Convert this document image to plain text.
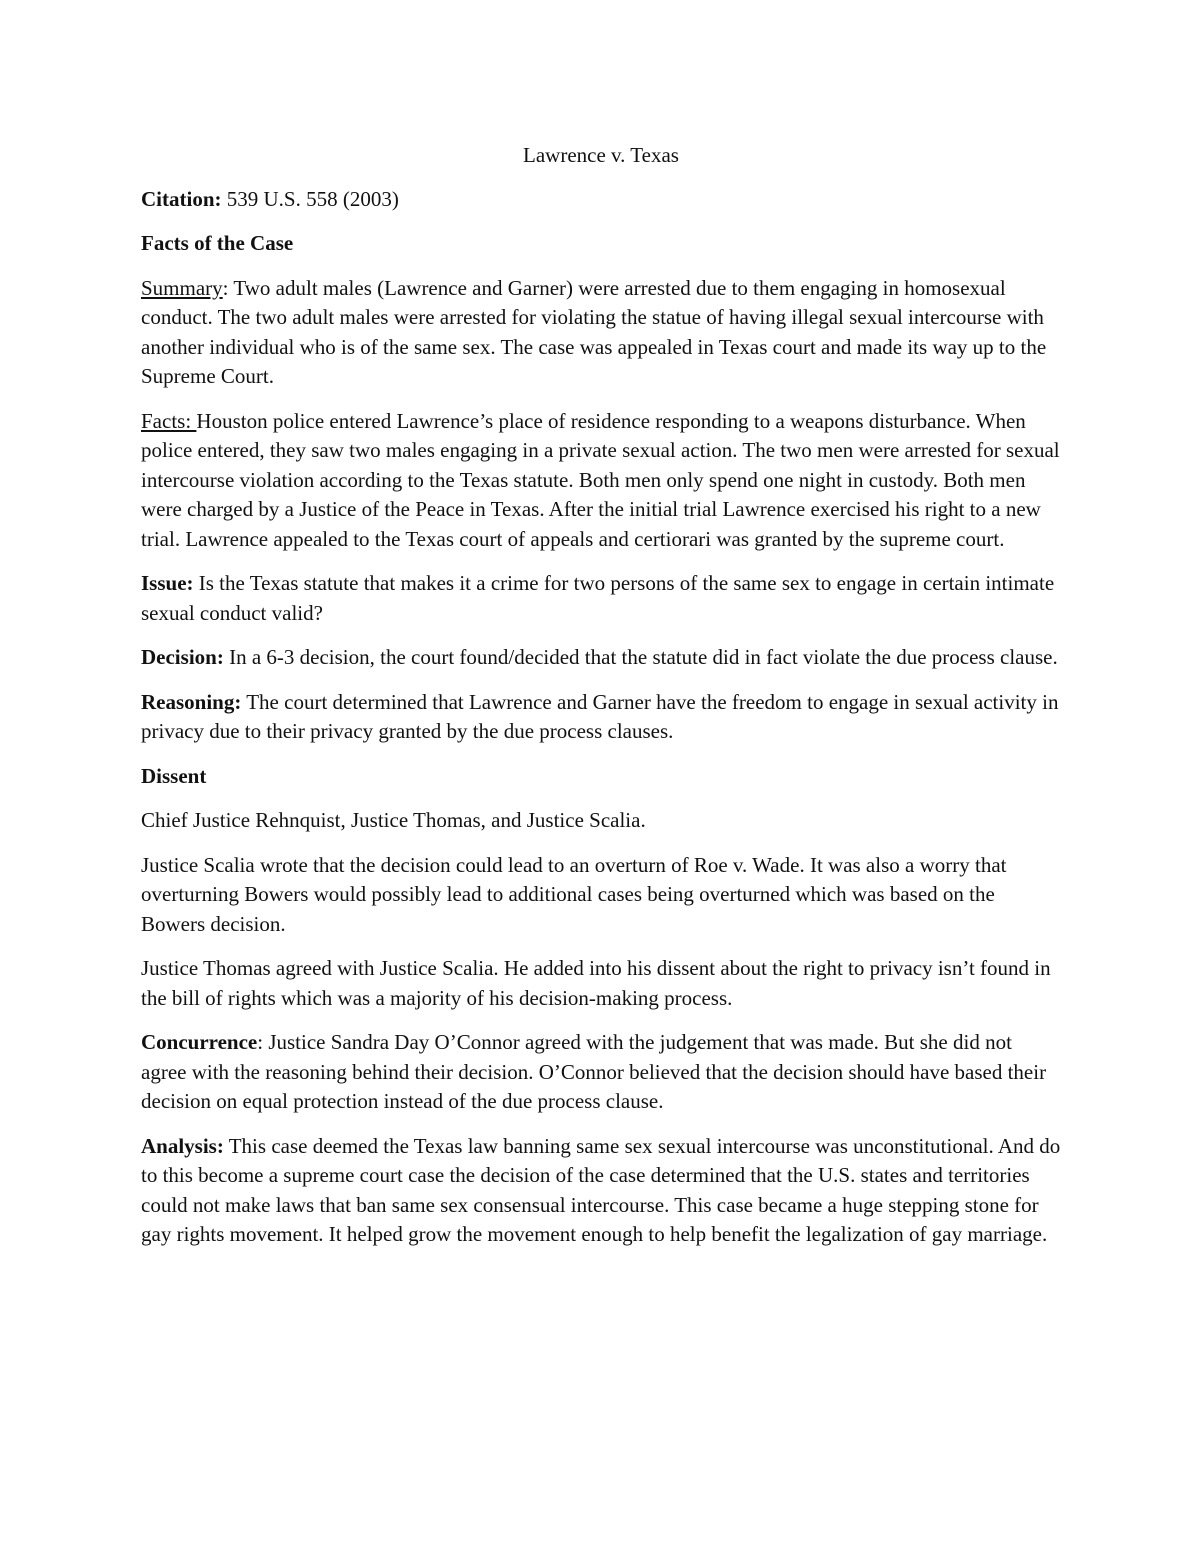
Lawrence v. Texas

Citation: 539 U.S. 558 (2003)

Facts of the Case

Summary: Two adult males (Lawrence and Garner) were arrested due to them engaging in homosexual conduct. The two adult males were arrested for violating the statue of having illegal sexual intercourse with another individual who is of the same sex. The case was appealed in Texas court and made its way up to the Supreme Court.

Facts: Houston police entered Lawrence’s place of residence responding to a weapons disturbance. When police entered, they saw two males engaging in a private sexual action. The two men were arrested for sexual intercourse violation according to the Texas statute. Both men only spend one night in custody. Both men were charged by a Justice of the Peace in Texas. After the initial trial Lawrence exercised his right to a new trial. Lawrence appealed to the Texas court of appeals and certiorari was granted by the supreme court.

Issue: Is the Texas statute that makes it a crime for two persons of the same sex to engage in certain intimate sexual conduct valid?

Decision: In a 6-3 decision, the court found/decided that the statute did in fact violate the due process clause.

Reasoning: The court determined that Lawrence and Garner have the freedom to engage in sexual activity in privacy due to their privacy granted by the due process clauses.

Dissent

Chief Justice Rehnquist, Justice Thomas, and Justice Scalia.

Justice Scalia wrote that the decision could lead to an overturn of Roe v. Wade. It was also a worry that overturning Bowers would possibly lead to additional cases being overturned which was based on the Bowers decision.

Justice Thomas agreed with Justice Scalia. He added into his dissent about the right to privacy isn’t found in the bill of rights which was a majority of his decision-making process.

Concurrence: Justice Sandra Day O’Connor agreed with the judgement that was made. But she did not agree with the reasoning behind their decision. O’Connor believed that the decision should have based their decision on equal protection instead of the due process clause.

Analysis: This case deemed the Texas law banning same sex sexual intercourse was unconstitutional. And do to this become a supreme court case the decision of the case determined that the U.S. states and territories could not make laws that ban same sex consensual intercourse. This case became a huge stepping stone for gay rights movement. It helped grow the movement enough to help benefit the legalization of gay marriage.
